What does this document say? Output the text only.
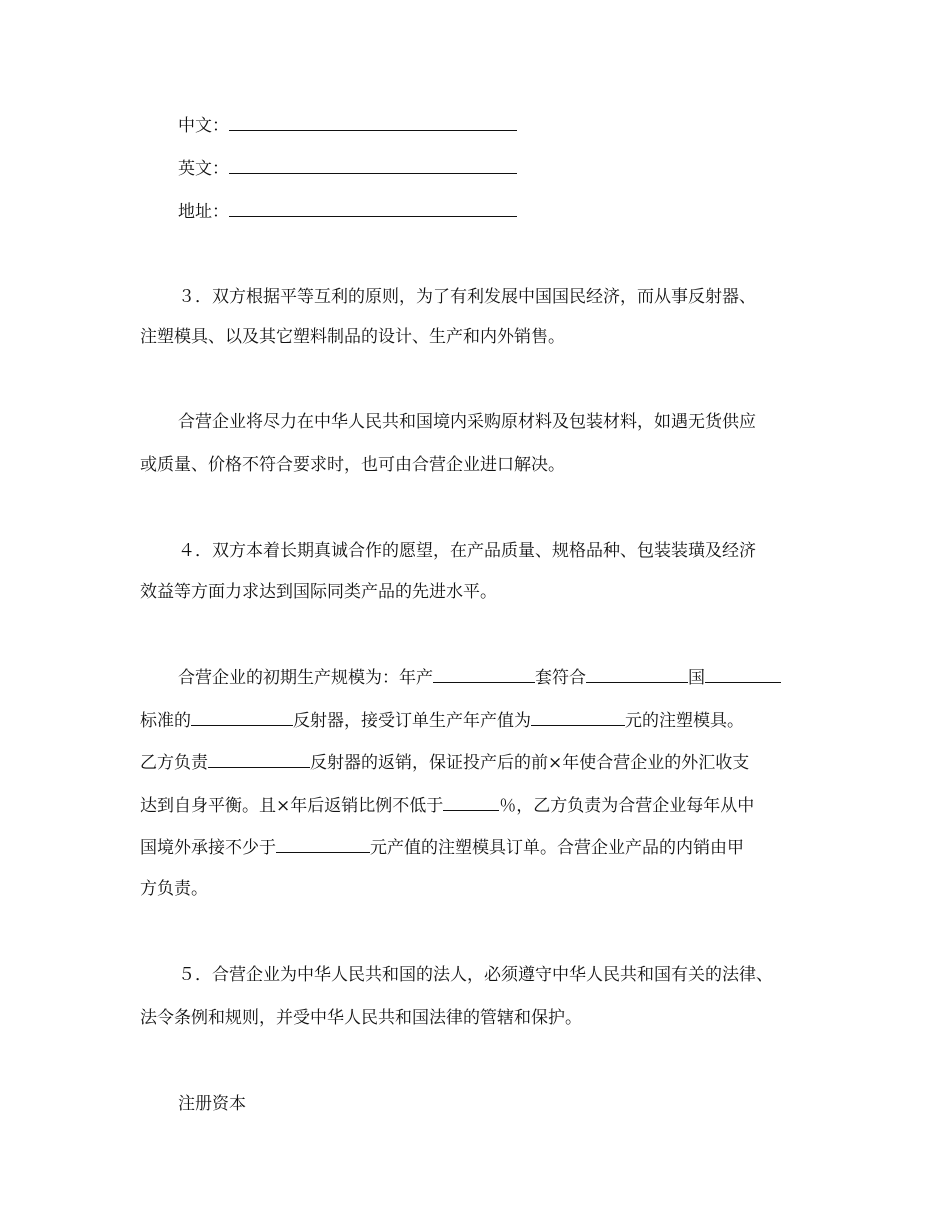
中文：
英文：
地址：
３．双方根据平等互利的原则，为了有利发展中国国民经济，而从事反射器、
注塑模具、以及其它塑料制品的设计、生产和内外销售。
合营企业将尽力在中华人民共和国境内采购原材料及包装材料，如遇无货供应
或质量、价格不符合要求时，也可由合营企业进口解决。
４．双方本着长期真诚合作的愿望，在产品质量、规格品种、包装装璜及经济
效益等方面力求达到国际同类产品的先进水平。
合营企业的初期生产规模为：年产	套符合	国
标准的	反射器，接受订单生产年产值为	元的注塑模具。
乙方负责	反射器的返销，保证投产后的前×年使合营企业的外汇收支
达到自身平衡。且×年后返销比例不低于	％，乙方负责为合营企业每年从中
国境外承接不少于	元产值的注塑模具订单。合营企业产品的内销由甲
方负责。
５．合营企业为中华人民共和国的法人，必须遵守中华人民共和国有关的法律、
法令条例和规则，并受中华人民共和国法律的管辖和保护。
注册资本
